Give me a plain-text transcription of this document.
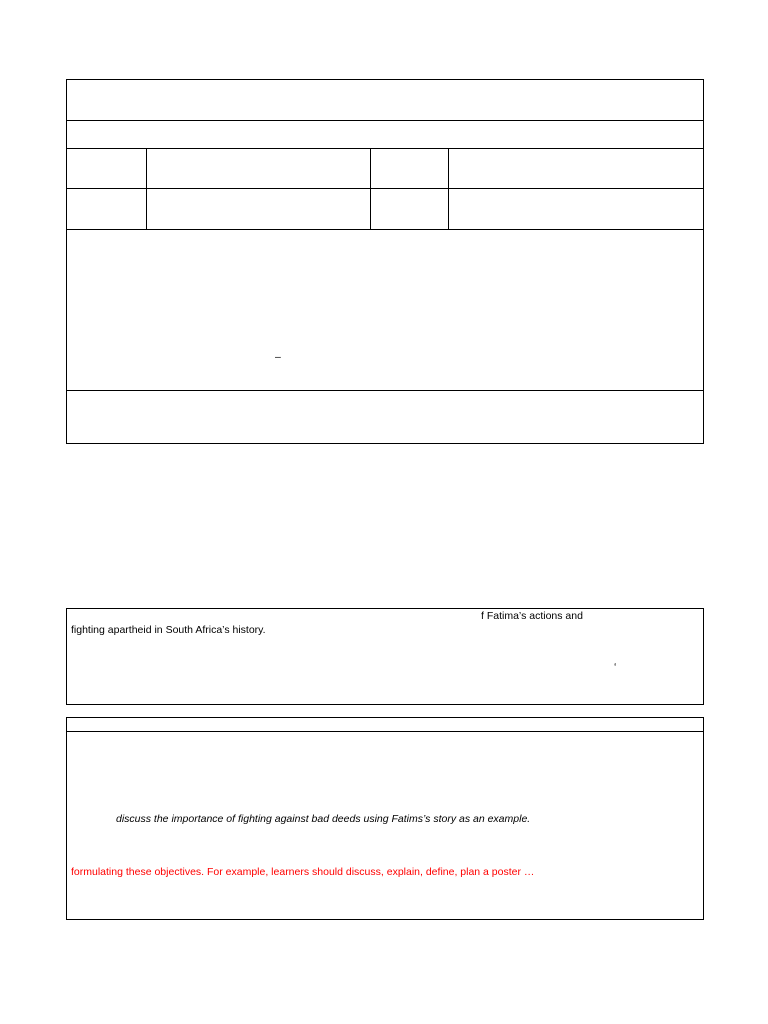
–
f Fatima’s actions and
fighting apartheid in South Africa’s history.
‘
discuss the importance of fighting against bad deeds using Fatims’s story as an example.
formulating these objectives. For example, learners should discuss, explain, define, plan a poster …
